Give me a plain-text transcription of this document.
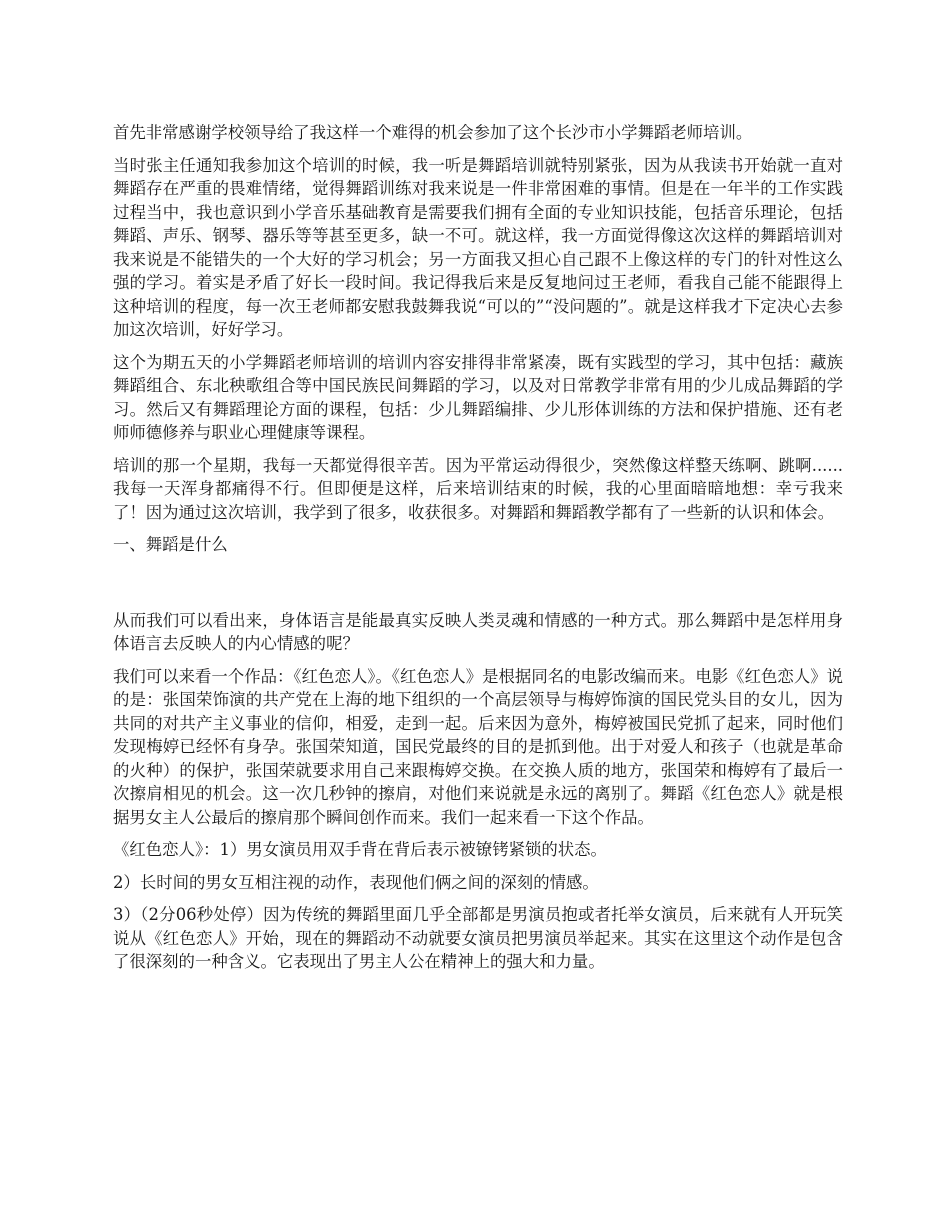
首先非常感谢学校领导给了我这样一个难得的机会参加了这个长沙市小学舞蹈老师培训。

当时张主任通知我参加这个培训的时候，我一听是舞蹈培训就特别紧张，因为从我读书开始就一直对舞蹈存在严重的畏难情绪，觉得舞蹈训练对我来说是一件非常困难的事情。但是在一年半的工作实践过程当中，我也意识到小学音乐基础教育是需要我们拥有全面的专业知识技能，包括音乐理论，包括舞蹈、声乐、钢琴、器乐等等甚至更多，缺一不可。就这样，我一方面觉得像这次这样的舞蹈培训对我来说是不能错失的一个大好的学习机会；另一方面我又担心自己跟不上像这样的专门的针对性这么强的学习。着实是矛盾了好长一段时间。我记得我后来是反复地问过王老师，看我自己能不能跟得上这种培训的程度，每一次王老师都安慰我鼓舞我说“可以的”“没问题的”。就是这样我才下定决心去参加这次培训，好好学习。

这个为期五天的小学舞蹈老师培训的培训内容安排得非常紧凑，既有实践型的学习，其中包括：藏族舞蹈组合、东北秧歌组合等中国民族民间舞蹈的学习，以及对日常教学非常有用的少儿成品舞蹈的学习。然后又有舞蹈理论方面的课程，包括：少儿舞蹈编排、少儿形体训练的方法和保护措施、还有老师师德修养与职业心理健康等课程。

培训的那一个星期，我每一天都觉得很辛苦。因为平常运动得很少，突然像这样整天练啊、跳啊......我每一天浑身都痛得不行。但即便是这样，后来培训结束的时候，我的心里面暗暗地想：幸亏我来了！因为通过这次培训，我学到了很多，收获很多。对舞蹈和舞蹈教学都有了一些新的认识和体会。

一、舞蹈是什么

从而我们可以看出来，身体语言是能最真实反映人类灵魂和情感的一种方式。那么舞蹈中是怎样用身体语言去反映人的内心情感的呢？

我们可以来看一个作品：《红色恋人》。《红色恋人》是根据同名的电影改编而来。电影《红色恋人》说的是：张国荣饰演的共产党在上海的地下组织的一个高层领导与梅婷饰演的国民党头目的女儿，因为共同的对共产主义事业的信仰，相爱，走到一起。后来因为意外，梅婷被国民党抓了起来，同时他们发现梅婷已经怀有身孕。张国荣知道，国民党最终的目的是抓到他。出于对爱人和孩子（也就是革命的火种）的保护，张国荣就要求用自己来跟梅婷交换。在交换人质的地方，张国荣和梅婷有了最后一次擦肩相见的机会。这一次几秒钟的擦肩，对他们来说就是永远的离别了。舞蹈《红色恋人》就是根据男女主人公最后的擦肩那个瞬间创作而来。我们一起来看一下这个作品。

《红色恋人》：1）男女演员用双手背在背后表示被镣铐紧锁的状态。

2）长时间的男女互相注视的动作，表现他们俩之间的深刻的情感。

3）（2分06秒处停）因为传统的舞蹈里面几乎全部都是男演员抱或者托举女演员，后来就有人开玩笑说从《红色恋人》开始，现在的舞蹈动不动就要女演员把男演员举起来。其实在这里这个动作是包含了很深刻的一种含义。它表现出了男主人公在精神上的强大和力量。
